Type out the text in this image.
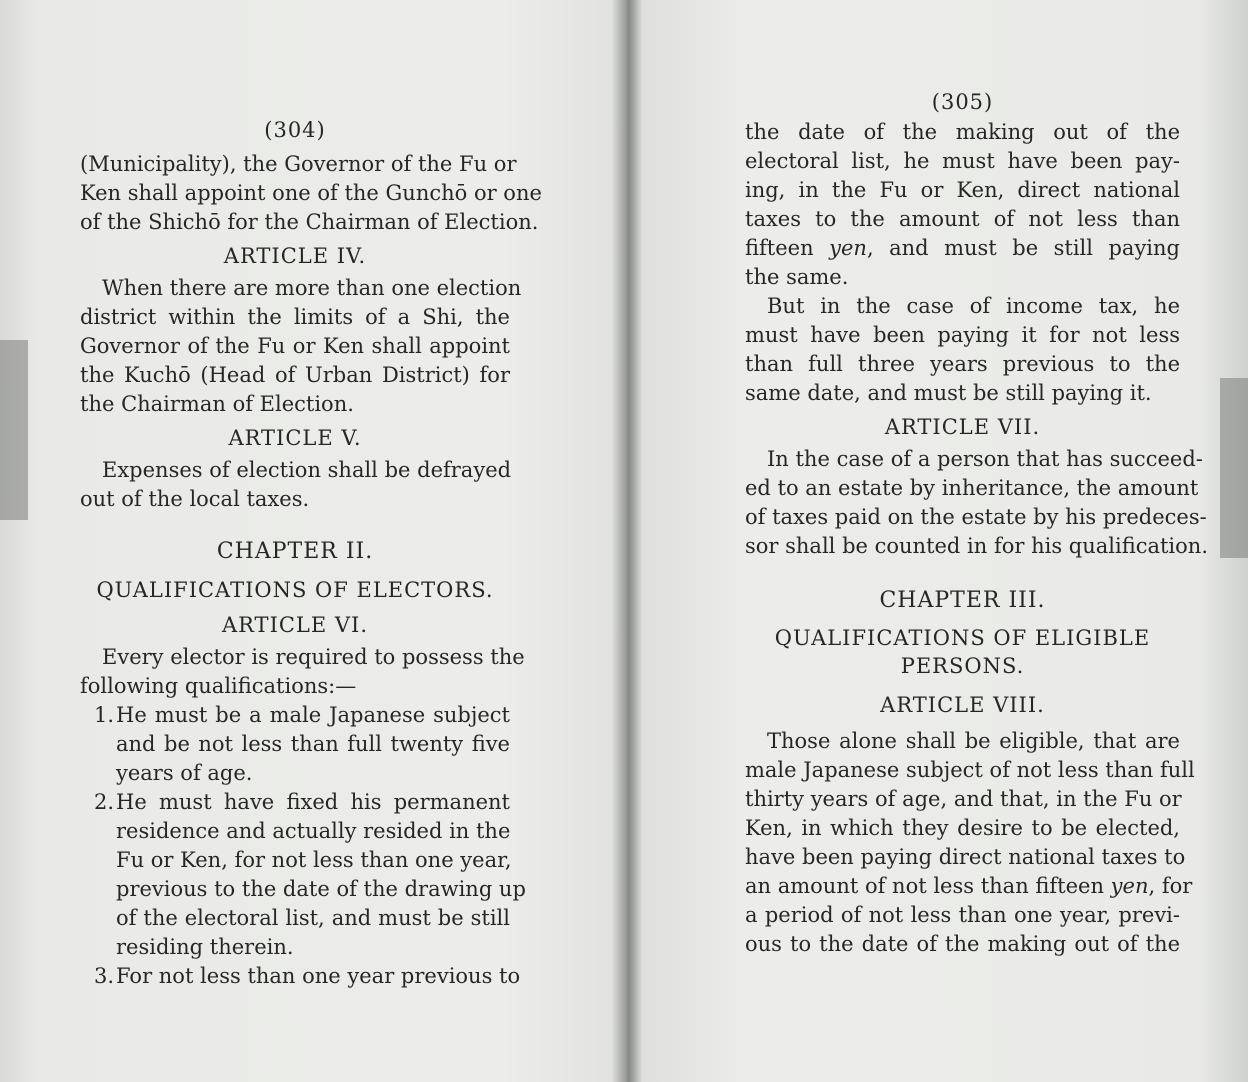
(304)
(Municipality), the Governor of the Fu or
Ken shall appoint one of the Gunchō or one
of the Shichō for the Chairman of Election.
ARTICLE IV.
When there are more than one election
district within the limits of a Shi, the
Governor of the Fu or Ken shall appoint
the Kuchō (Head of Urban District) for
the Chairman of Election.
ARTICLE V.
Expenses of election shall be defrayed
out of the local taxes.
CHAPTER II.
QUALIFICATIONS OF ELECTORS.
ARTICLE VI.
Every elector is required to possess the
following qualifications:—
1. He must be a male Japanese subject
and be not less than full twenty five
years of age.
2. He must have fixed his permanent
residence and actually resided in the
Fu or Ken, for not less than one year,
previous to the date of the drawing up
of the electoral list, and must be still
residing therein.
3. For not less than one year previous to
(305)
the date of the making out of the
electoral list, he must have been pay-
ing, in the Fu or Ken, direct national
taxes to the amount of not less than
fifteen yen, and must be still paying
the same.
But in the case of income tax, he
must have been paying it for not less
than full three years previous to the
same date, and must be still paying it.
ARTICLE VII.
In the case of a person that has succeed-
ed to an estate by inheritance, the amount
of taxes paid on the estate by his predeces-
sor shall be counted in for his qualification.
CHAPTER III.
QUALIFICATIONS OF ELIGIBLE
PERSONS.
ARTICLE VIII.
Those alone shall be eligible, that are
male Japanese subject of not less than full
thirty years of age, and that, in the Fu or
Ken, in which they desire to be elected,
have been paying direct national taxes to
an amount of not less than fifteen yen, for
a period of not less than one year, previ-
ous to the date of the making out of the
